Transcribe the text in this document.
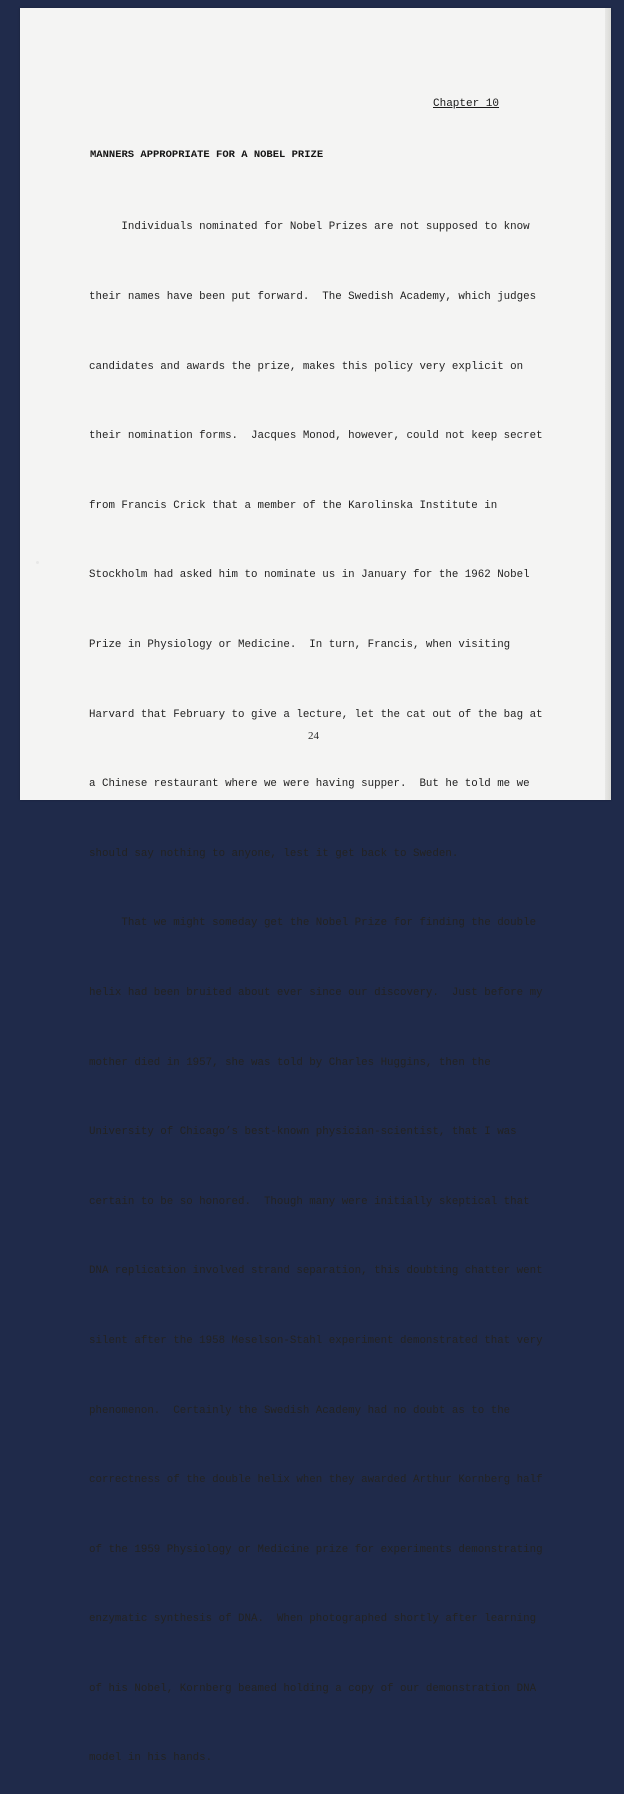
Chapter 10
MANNERS APPROPRIATE FOR A NOBEL PRIZE

Individuals nominated for Nobel Prizes are not supposed to know

their names have been put forward.  The Swedish Academy, which judges

candidates and awards the prize, makes this policy very explicit on

their nomination forms.  Jacques Monod, however, could not keep secret

from Francis Crick that a member of the Karolinska Institute in

Stockholm had asked him to nominate us in January for the 1962 Nobel

Prize in Physiology or Medicine.  In turn, Francis, when visiting

Harvard that February to give a lecture, let the cat out of the bag at

a Chinese restaurant where we were having supper.  But he told me we

should say nothing to anyone, lest it get back to Sweden.

That we might someday get the Nobel Prize for finding the double

helix had been bruited about ever since our discovery.  Just before my

mother died in 1957, she was told by Charles Huggins, then the

University of Chicago’s best-known physician-scientist, that I was

certain to be so honored.  Though many were initially skeptical that

DNA replication involved strand separation, this doubting chatter went

silent after the 1958 Meselson-Stahl experiment demonstrated that very

phenomenon.  Certainly the Swedish Academy had no doubt as to the

correctness of the double helix when they awarded Arthur Kornberg half

of the 1959 Physiology or Medicine prize for experiments demonstrating

enzymatic synthesis of DNA.  When photographed shortly after learning

of his Nobel, Kornberg beamed holding a copy of our demonstration DNA

model in his hands.

24
